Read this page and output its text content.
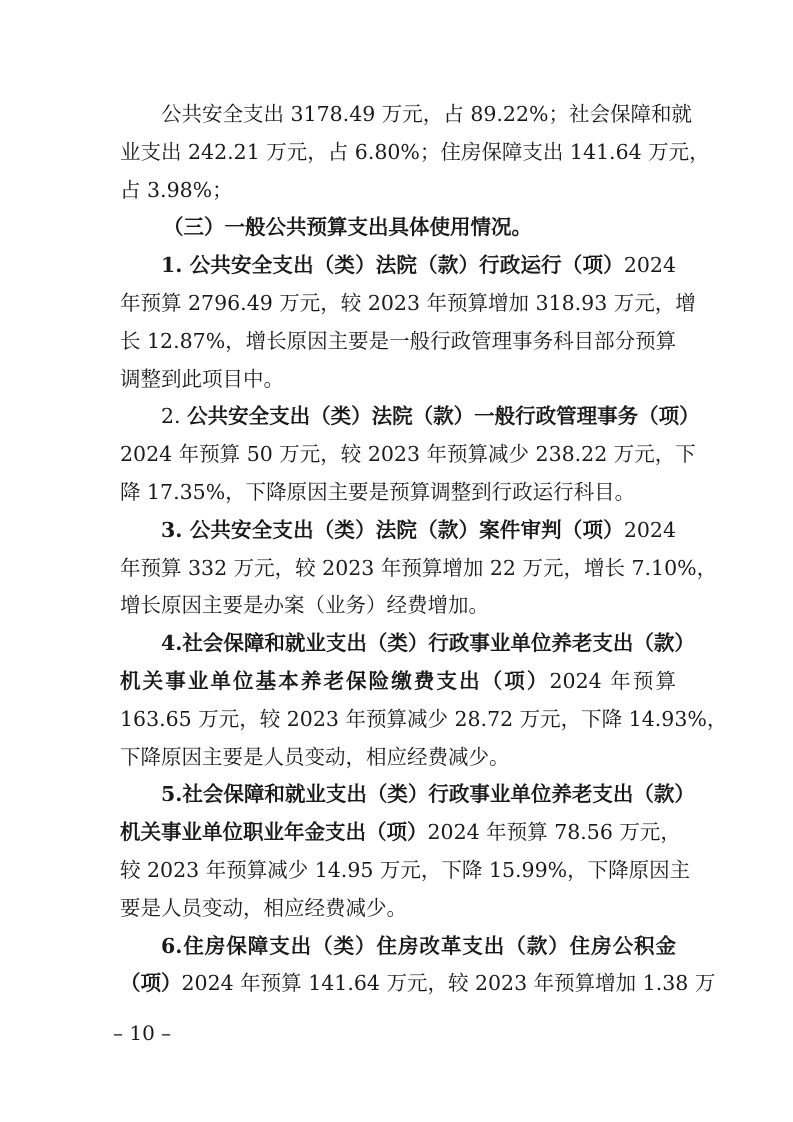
公共安全支出 3178.49 万元，占 89.22%；社会保障和就
业支出 242.21 万元，占 6.80%；住房保障支出 141.64 万元，
占 3.98%；
（三）一般公共预算支出具体使用情况。
1. 公共安全支出（类）法院（款）行政运行（项）2024
年预算 2796.49 万元，较 2023 年预算增加 318.93 万元，增
长 12.87%，增长原因主要是一般行政管理事务科目部分预算
调整到此项目中。
2. 公共安全支出（类）法院（款）一般行政管理事务（项）
2024 年预算 50 万元，较 2023 年预算减少 238.22 万元，下
降 17.35%，下降原因主要是预算调整到行政运行科目。
3. 公共安全支出（类）法院（款）案件审判（项）2024
年预算 332 万元，较 2023 年预算增加 22 万元，增长 7.10%，
增长原因主要是办案（业务）经费增加。
4.社会保障和就业支出（类）行政事业单位养老支出（款）
机关事业单位基本养老保险缴费支出（项）2024 年预算
163.65 万元，较 2023 年预算减少 28.72 万元，下降 14.93%，
下降原因主要是人员变动，相应经费减少。
5.社会保障和就业支出（类）行政事业单位养老支出（款）
机关事业单位职业年金支出（项）2024 年预算 78.56 万元，
较 2023 年预算减少 14.95 万元，下降 15.99%，下降原因主
要是人员变动，相应经费减少。
6.住房保障支出（类）住房改革支出（款）住房公积金
（项）2024 年预算 141.64 万元，较 2023 年预算增加 1.38 万
– 10 –
